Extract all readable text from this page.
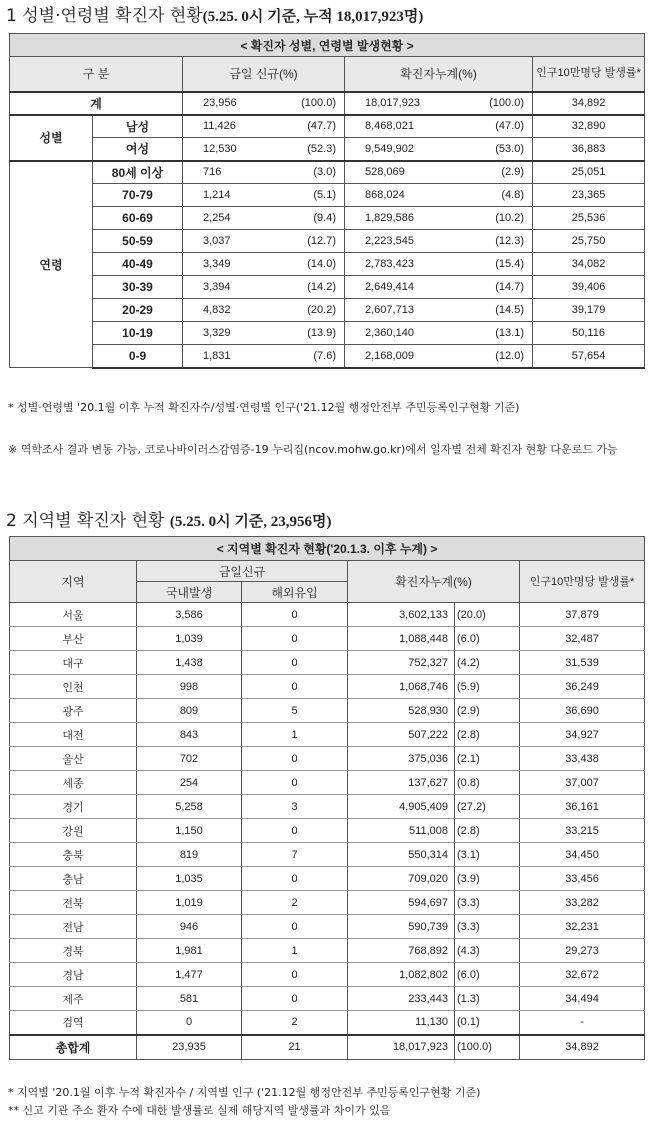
1 성별·연령별 확진자 현황(5.25. 0시 기준, 누적 18,017,923명)
< 확진자 성별, 연령별 발생현황 >				
구 분		금일 신규(%)	확진자누계(%)	인구10만명당 발생률*
계		23,956 (100.0)	18,017,923 (100.0)	34,892
성별	남성	11,426 (47.7)	8,468,021 (47.0)	32,890
	여성	12,530 (52.3)	9,549,902 (53.0)	36,883
연령	80세 이상	716 (3.0)	528,069 (2.9)	25,051
	70-79	1,214 (5.1)	868,024 (4.8)	23,365
	60-69	2,254 (9.4)	1,829,586 (10.2)	25,536
	50-59	3,037 (12.7)	2,223,545 (12.3)	25,750
	40-49	3,349 (14.0)	2,783,423 (15.4)	34,082
	30-39	3,394 (14.2)	2,649,414 (14.7)	39,406
	20-29	4,832 (20.2)	2,607,713 (14.5)	39,179
	10-19	3,329 (13.9)	2,360,140 (13.1)	50,116
	0-9	1,831 (7.6)	2,168,009 (12.0)	57,654
* 성별·연령별 '20.1월 이후 누적 확진자수/성별·연령별 인구('21.12월 행정안전부 주민등록인구현황 기준)
※ 역학조사 결과 변동 가능, 코로나바이러스감염증-19 누리집(ncov.mohw.go.kr)에서 일자별 전체 확진자 현황 다운로드 가능
2 지역별 확진자 현황 (5.25. 0시 기준, 23,956명)
< 지역별 확진자 현황('20.1.3. 이후 누계) >					
지역	금일신규		확진자누계(%)		인구10만명당 발생률*
	국내발생	해외유입			
서울	3,586	0	3,602,133	(20.0)	37,879
부산	1,039	0	1,088,448	(6.0)	32,487
대구	1,438	0	752,327	(4.2)	31,539
인천	998	0	1,068,746	(5.9)	36,249
광주	809	5	528,930	(2.9)	36,690
대전	843	1	507,222	(2.8)	34,927
울산	702	0	375,036	(2.1)	33,438
세종	254	0	137,627	(0.8)	37,007
경기	5,258	3	4,905,409	(27.2)	36,161
강원	1,150	0	511,008	(2.8)	33,215
충북	819	7	550,314	(3.1)	34,450
충남	1,035	0	709,020	(3.9)	33,456
전북	1,019	2	594,697	(3.3)	33,282
전남	946	0	590,739	(3.3)	32,231
경북	1,981	1	768,892	(4.3)	29,273
경남	1,477	0	1,082,802	(6.0)	32,672
제주	581	0	233,443	(1.3)	34,494
검역	0	2	11,130	(0.1)	-
총합계	23,935	21	18,017,923	(100.0)	34,892
* 지역별 '20.1월 이후 누적 확진자수 / 지역별 인구 ('21.12월 행정안전부 주민등록인구현황 기준)
** 신고 기관 주소 환자 수에 대한 발생률로 실제 해당지역 발생률과 차이가 있음
